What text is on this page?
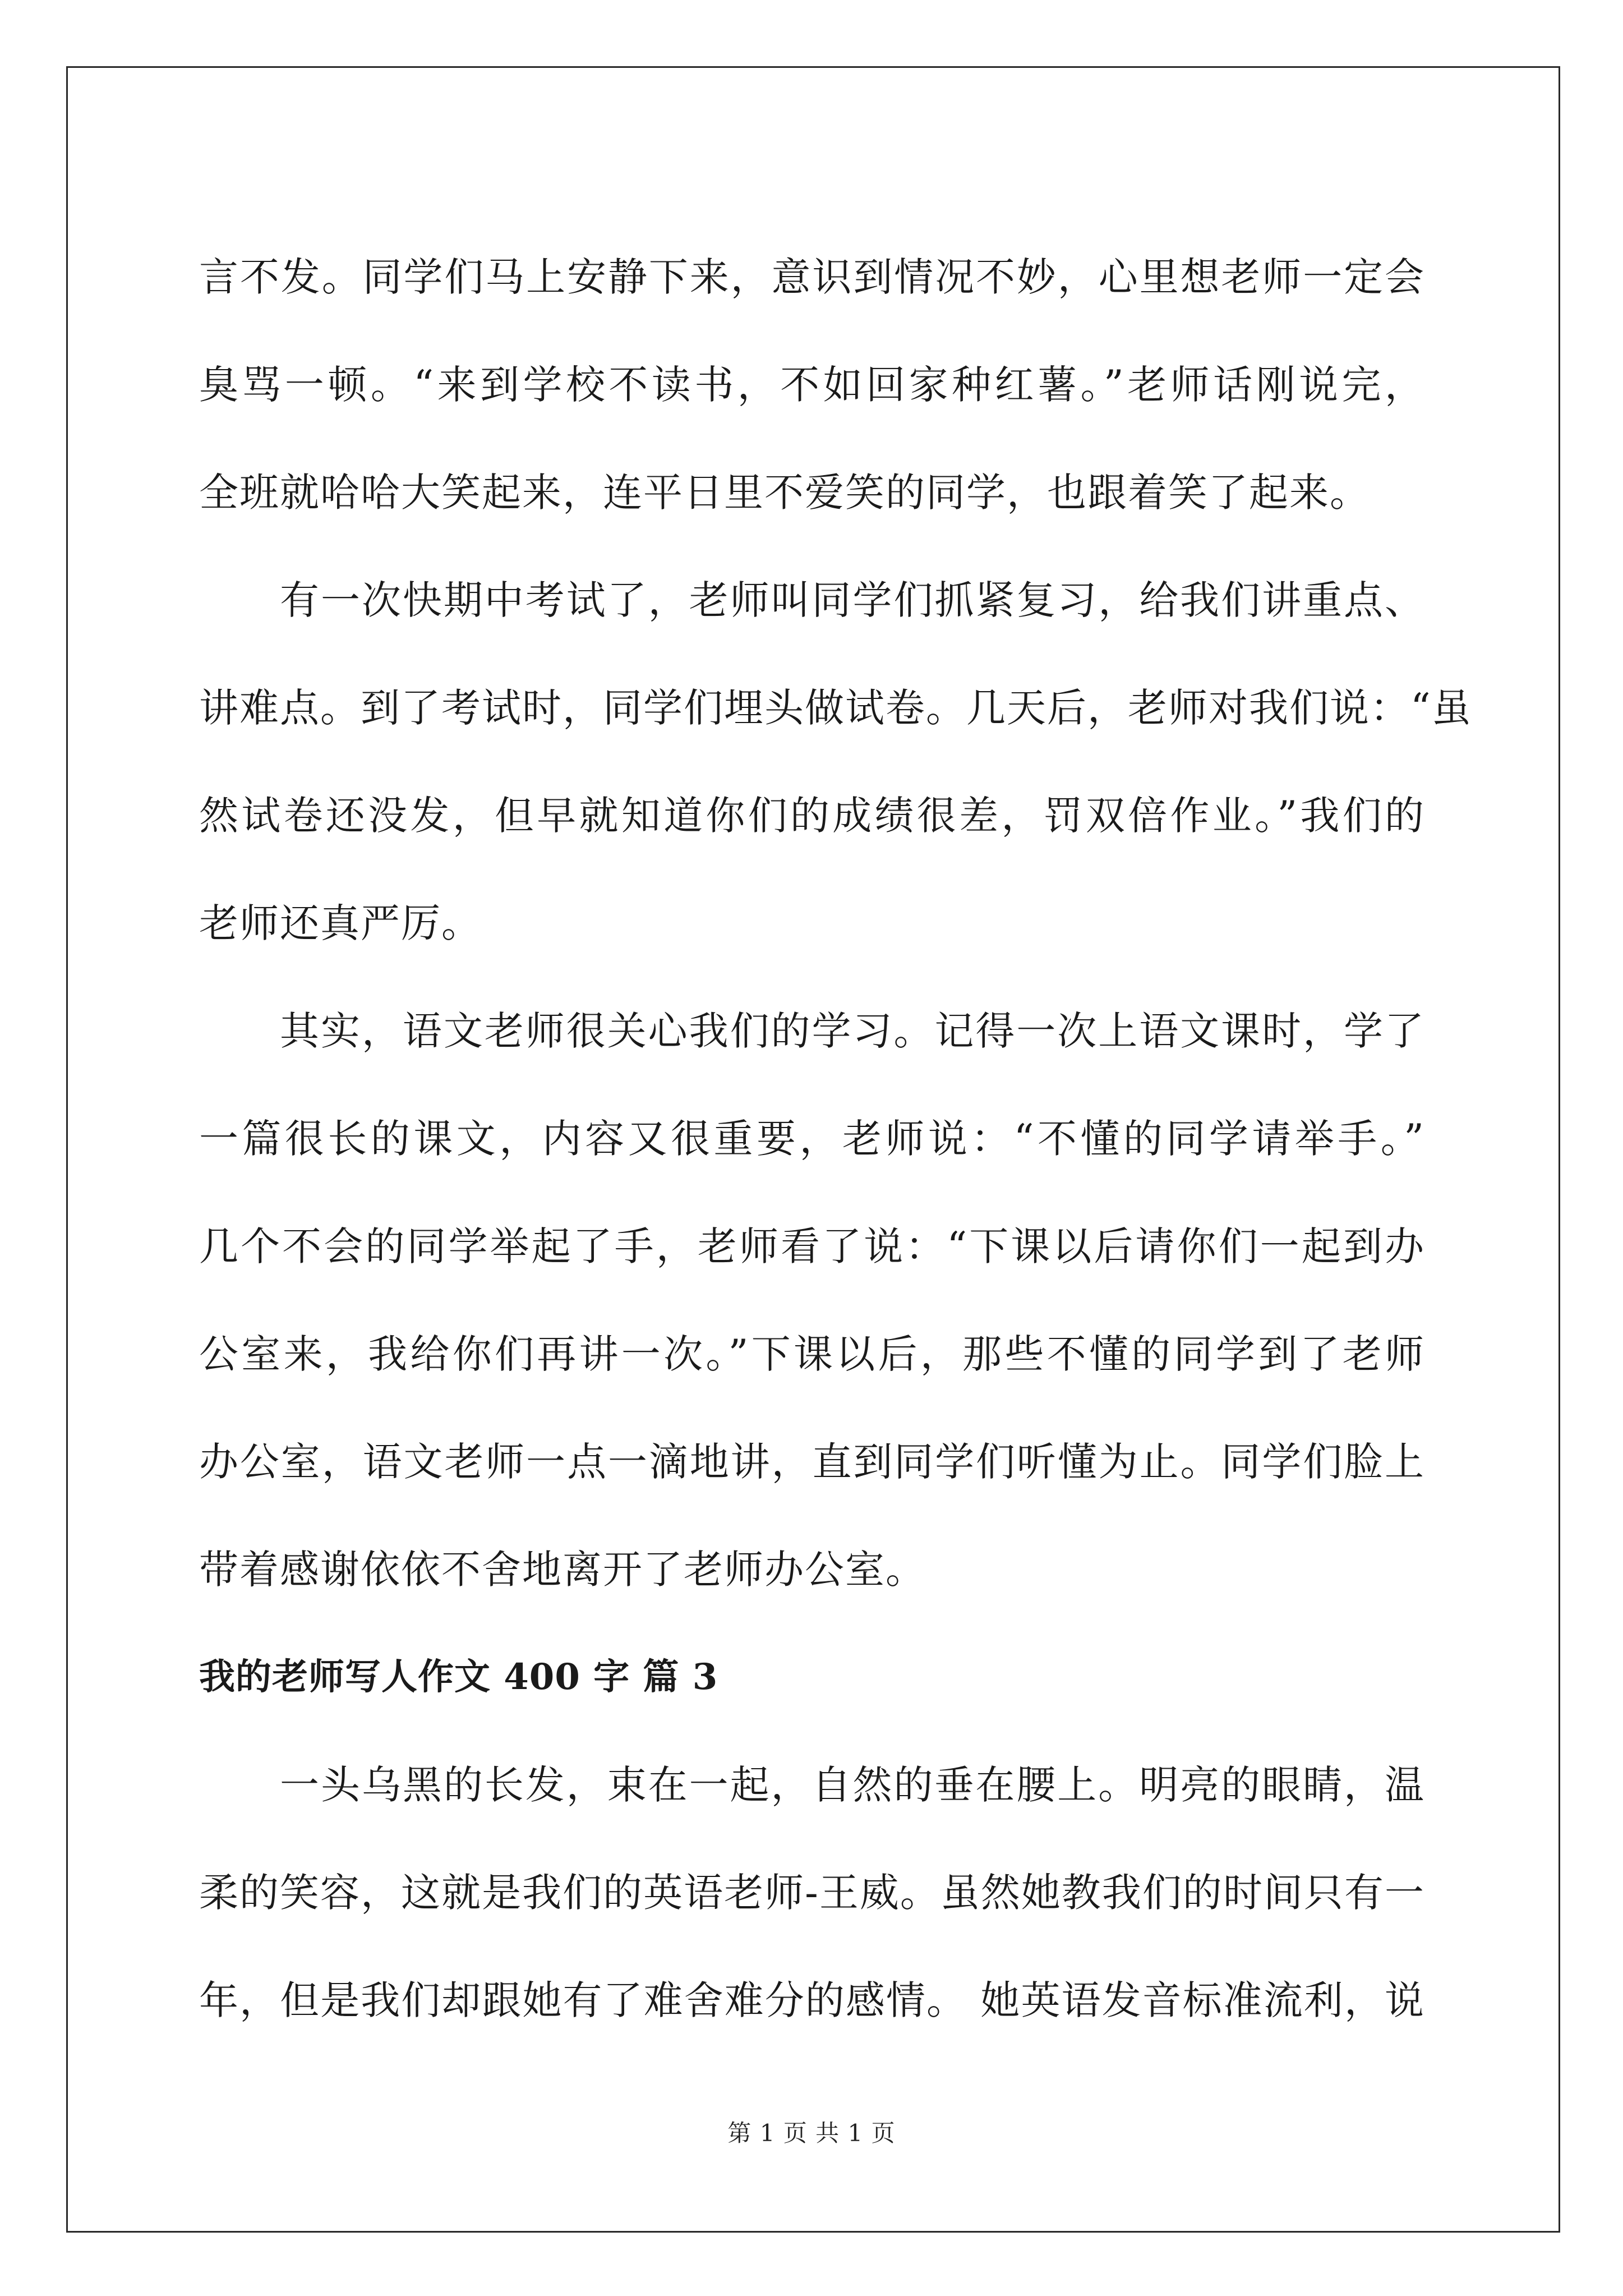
言不发。同学们马上安静下来，意识到情况不妙，心里想老师一定会
臭骂一顿。“来到学校不读书，不如回家种红薯。”老师话刚说完，
全班就哈哈大笑起来，连平日里不爱笑的同学，也跟着笑了起来。

有一次快期中考试了，老师叫同学们抓紧复习，给我们讲重点、
讲难点。到了考试时，同学们埋头做试卷。几天后，老师对我们说：“虽
然试卷还没发，但早就知道你们的成绩很差，罚双倍作业。”我们的
老师还真严厉。

其实，语文老师很关心我们的学习。记得一次上语文课时，学了
一篇很长的课文，内容又很重要，老师说：“不懂的同学请举手。”
几个不会的同学举起了手，老师看了说：“下课以后请你们一起到办
公室来，我给你们再讲一次。”下课以后，那些不懂的同学到了老师
办公室，语文老师一点一滴地讲，直到同学们听懂为止。同学们脸上
带着感谢依依不舍地离开了老师办公室。

我的老师写人作文 400 字 篇 3

一头乌黑的长发，束在一起，自然的垂在腰上。明亮的眼睛，温
柔的笑容，这就是我们的英语老师-王威。虽然她教我们的时间只有一
年，但是我们却跟她有了难舍难分的感情。 她英语发音标准流利，说

第 1 页 共 1 页
